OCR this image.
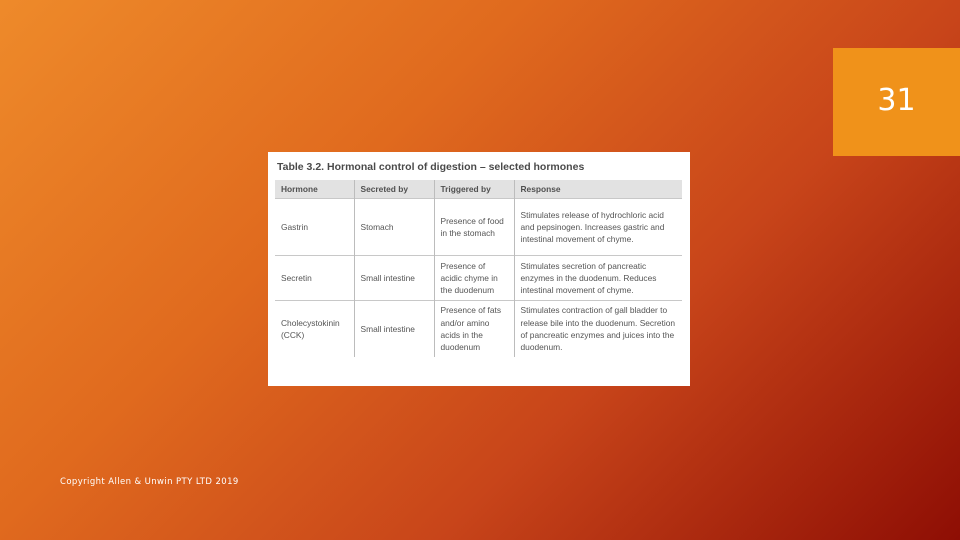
31
Table 3.2. Hormonal control of digestion – selected hormones
Hormone	Secreted by	Triggered by	Response
Gastrin	Stomach	Presence of food in the stomach	Stimulates release of hydrochloric acid and pepsinogen. Increases gastric and intestinal movement of chyme.
Secretin	Small intestine	Presence of acidic chyme in the duodenum	Stimulates secretion of pancreatic enzymes in the duodenum. Reduces intestinal movement of chyme.
Cholecystokinin (CCK)	Small intestine	Presence of fats and/or amino acids in the duodenum	Stimulates contraction of gall bladder to release bile into the duodenum. Secretion of pancreatic enzymes and juices into the duodenum.
Copyright Allen & Unwin PTY LTD 2019
